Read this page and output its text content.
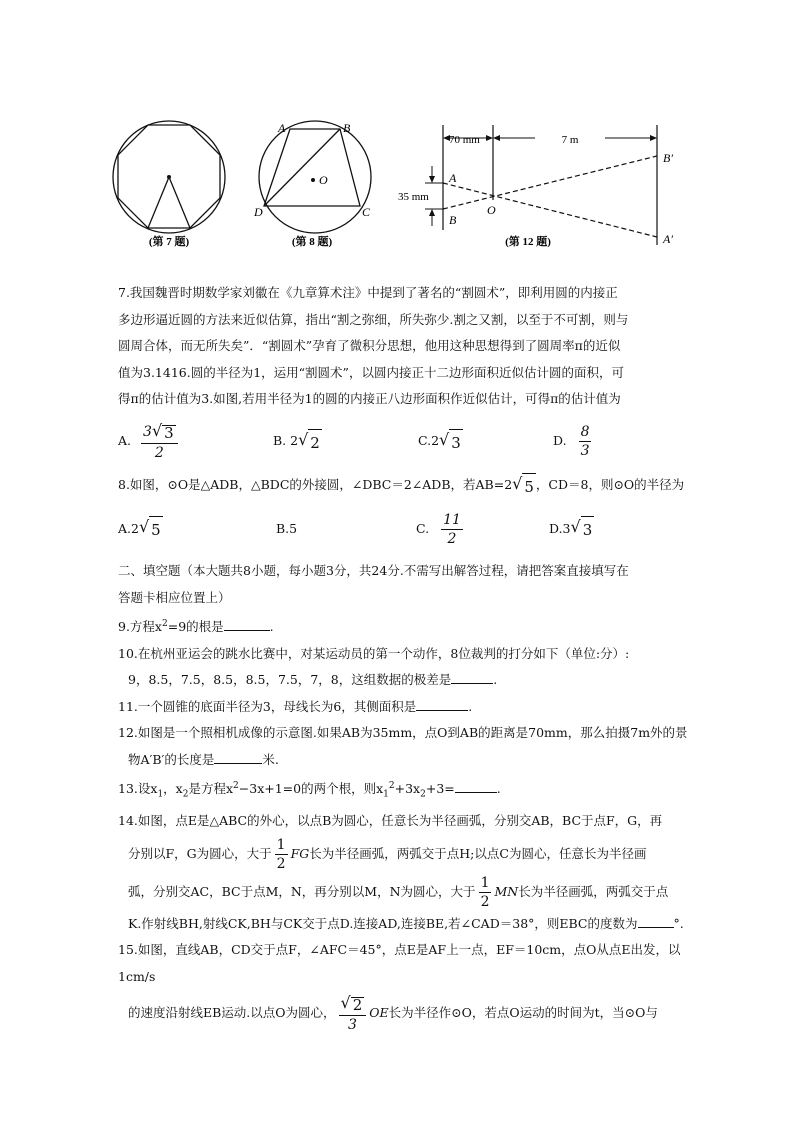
(第 7 题)
A	B
C
D
O
(第 8 题)
70 mm	7 m
35 mm
A
B
O
B′
A′
(第 12 题)

7.我国魏晋时期数学家刘徽在《九章算术注》中提到了著名的“割圆术”，即利用圆的内接正

多边形逼近圆的方法来近似估算，指出“割之弥细，所失弥少.割之又割，以至于不可割，则与

圆周合体，而无所失矣”．“割圆术”孕育了微积分思想，他用这种思想得到了圆周率π的近似

值为3.1416.圆的半径为1，运用“割圆术”，以圆内接正十二边形面积近似估计圆的面积，可

得π的估计值为3.如图,若用半径为1的圆的内接正八边形面积作近似估计，可得π的估计值为

A. $\frac{3 √ 3}{2}$	B. 2 √ 2	C.2 √ 3	D. $\frac{8}{3}$

8.如图，⊙O是△ADB，△BDC的外接圆，∠DBC＝2∠ADB，若AB=2 √ 5 ，CD＝8，则⊙O的半径为

A.2 √ 5	B.5	C. $\frac{11}{2}$	D.3 √ 3

二、填空题（本大题共8小题，每小题3分，共24分.不需写出解答过程，请把答案直接填写在

答题卡相应位置上）

9.方程$x^2=9$的根是	.

10.在杭州亚运会的跳水比赛中，对某运动员的第一个动作，8位裁判的打分如下（单位:分）:

9，8.5，7.5，8.5，8.5，7.5，7，8，这组数据的极差是	.

11.一个圆锥的底面半径为3，母线长为6，其侧面积是	.

12.如图是一个照相机成像的示意图.如果AB为35mm，点O到AB的距离是70mm，那么拍摄7m外的景

物A′B′的长度是	米.

13.设$x_1$，$x_2$是方程$x^2-3x+1=0$的两个根，则$x_1^2+3x_2+3=$	.

14.如图，点E是△ABC的外心，以点B为圆心，任意长为半径画弧，分别交AB，BC于点F，G，再

分别以F，G为圆心，大于 $\frac{1}{2}$ FG长为半径画弧，两弧交于点H;以点C为圆心，任意长为半径画

弧，分别交AC，BC于点M，N，再分别以M，N为圆心，大于 $\frac{1}{2}$ MN长为半径画弧，两弧交于点

K.作射线BH,射线CK,BH与CK交于点D.连接AD,连接BE,若∠CAD＝38°，则EBC的度数为	°.

15.如图，直线AB，CD交于点F，∠AFC＝45°，点E是AF上一点，EF＝10cm，点O从点E出发，以1cm/s

的速度沿射线EB运动.以点O为圆心， $\frac{√ 2}{3}$ OE长为半径作⊙O，若点O运动的时间为t，当⊙O与
